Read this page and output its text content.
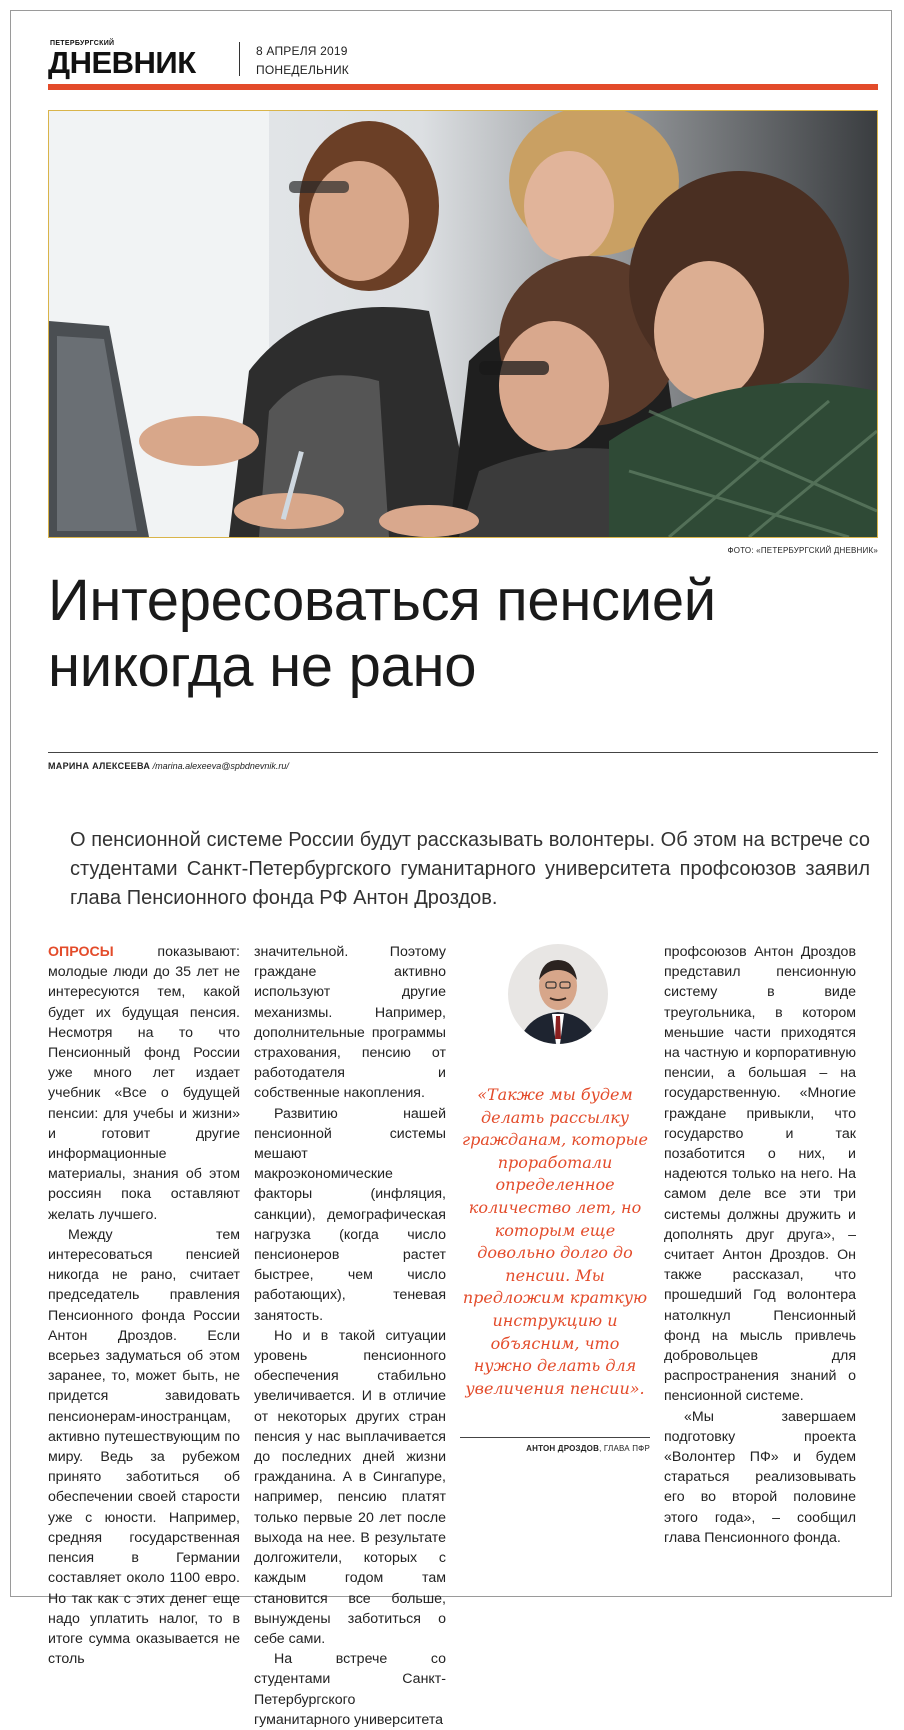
ПЕТЕРБУРГСКИЙ
ДНЕВНИК	8 АПРЕЛЯ 2019
ПОНЕДЕЛЬНИК
ФОТО: «ПЕТЕРБУРГСКИЙ ДНЕВНИК»
Интересоваться пенсией
никогда не рано
МАРИНА АЛЕКСЕЕВА /marina.alexeeva@spbdnevnik.ru/

О пенсионной системе России будут рассказывать волонтеры. Об этом на встрече со студентами Санкт-Петербургского гуманитарного университета профсоюзов заявил глава Пенсионного фонда РФ Антон Дроздов.

ОПРОСЫ показывают: молодые люди до 35 лет не интересуются тем, какой будет их будущая пенсия. Несмотря на то что Пенсионный фонд России уже много лет издает учебник «Все о будущей пенсии: для учебы и жизни» и готовит другие информационные материалы, знания об этом россиян пока оставляют желать лучшего.

Между тем интересоваться пенсией никогда не рано, считает председатель правления Пенсионного фонда России Антон Дроздов. Если всерьез задуматься об этом заранее, то, может быть, не придется завидовать пенсионерам-иностранцам, активно путешествующим по миру. Ведь за рубежом принято заботиться об обеспечении своей старости уже с юности. Например, средняя государственная пенсия в Германии составляет около 1100 евро. Но так как с этих денег еще надо уплатить налог, то в итоге сумма оказывается не столь

значительной. Поэтому граждане активно используют другие механизмы. Например, дополнительные программы страхования, пенсию от работодателя и собственные накопления.

Развитию нашей пенсионной системы мешают макроэкономические факторы (инфляция, санкции), демографическая нагрузка (когда число пенсионеров растет быстрее, чем число работающих), теневая занятость.

Но и в такой ситуации уровень пенсионного обеспечения стабильно увеличивается. И в отличие от некоторых других стран пенсия у нас выплачивается до последних дней жизни гражданина. А в Сингапуре, например, пенсию платят только первые 20 лет после выхода на нее. В результате долгожители, которых с каждым годом там становится все больше, вынуждены заботиться о себе сами.

На встрече со студентами Санкт-Петербургского гуманитарного университета

«Также мы будем делать рассылку гражданам, которые проработали определенное количество лет, но которым еще довольно долго до пенсии. Мы предложим краткую инструкцию и объясним, что нужно делать для увеличения пенсии».

АНТОН ДРОЗДОВ, ГЛАВА ПФР

профсоюзов Антон Дроздов представил пенсионную систему в виде треугольника, в котором меньшие части приходятся на частную и корпоративную пенсии, а большая – на государственную. «Многие граждане привыкли, что государство и так позаботится о них, и надеются только на него. На самом деле все эти три системы должны дружить и дополнять друг друга», – считает Антон Дроздов. Он также рассказал, что прошедший Год волонтера натолкнул Пенсионный фонд на мысль привлечь добровольцев для распространения знаний о пенсионной системе.

«Мы завершаем подготовку проекта «Волонтер ПФ» и будем стараться реализовывать его во второй половине этого года», – сообщил глава Пенсионного фонда.
